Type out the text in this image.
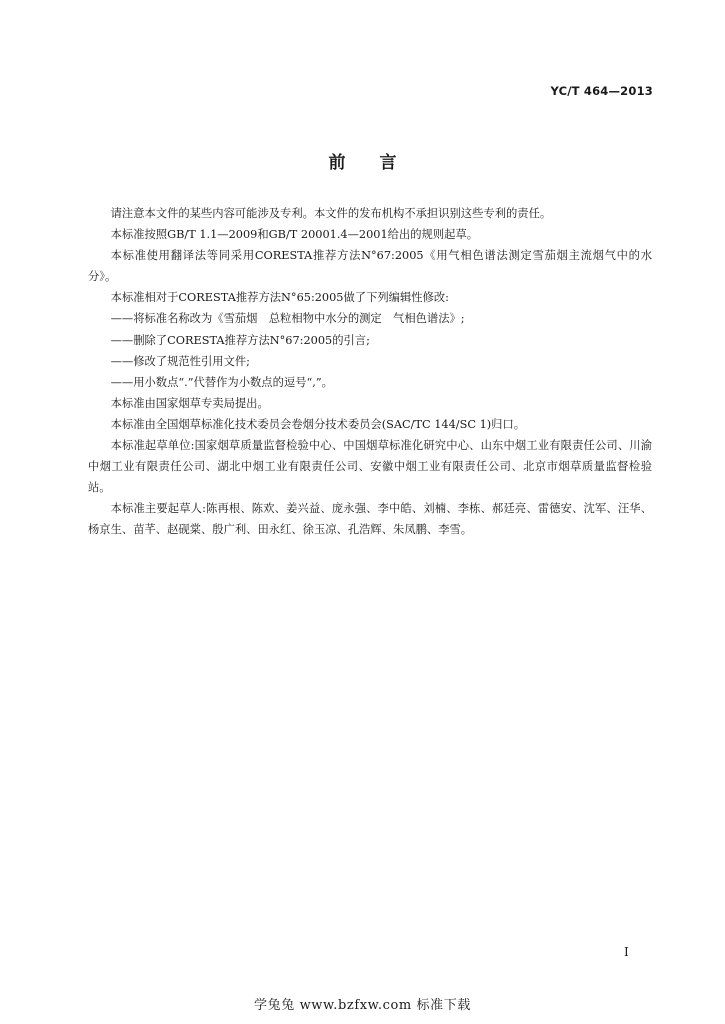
YC/T 464—2013
前言

请注意本文件的某些内容可能涉及专利。本文件的发布机构不承担识别这些专利的责任。

本标准按照GB/T 1.1—2009和GB/T 20001.4—2001给出的规则起草。

本标准使用翻译法等同采用CORESTA推荐方法N°67:2005《用气相色谱法测定雪茄烟主流烟气中的水分》。

本标准相对于CORESTA推荐方法N°65:2005做了下列编辑性修改:

——将标准名称改为《雪茄烟　总粒相物中水分的测定　气相色谱法》;

——删除了CORESTA推荐方法N°67:2005的引言;

——修改了规范性引用文件;

——用小数点“.”代替作为小数点的逗号“,”。

本标准由国家烟草专卖局提出。

本标准由全国烟草标准化技术委员会卷烟分技术委员会(SAC/TC 144/SC 1)归口。

本标准起草单位:国家烟草质量监督检验中心、中国烟草标准化研究中心、山东中烟工业有限责任公司、川渝中烟工业有限责任公司、湖北中烟工业有限责任公司、安徽中烟工业有限责任公司、北京市烟草质量监督检验站。

本标准主要起草人:陈再根、陈欢、姜兴益、庞永强、李中皓、刘楠、李栋、郝廷亮、雷德安、沈军、汪华、杨京生、苗芊、赵砚棠、殷广利、田永红、徐玉凉、孔浩辉、朱凤鹏、李雪。

I
学兔兔 www.bzfxw.com 标准下载
